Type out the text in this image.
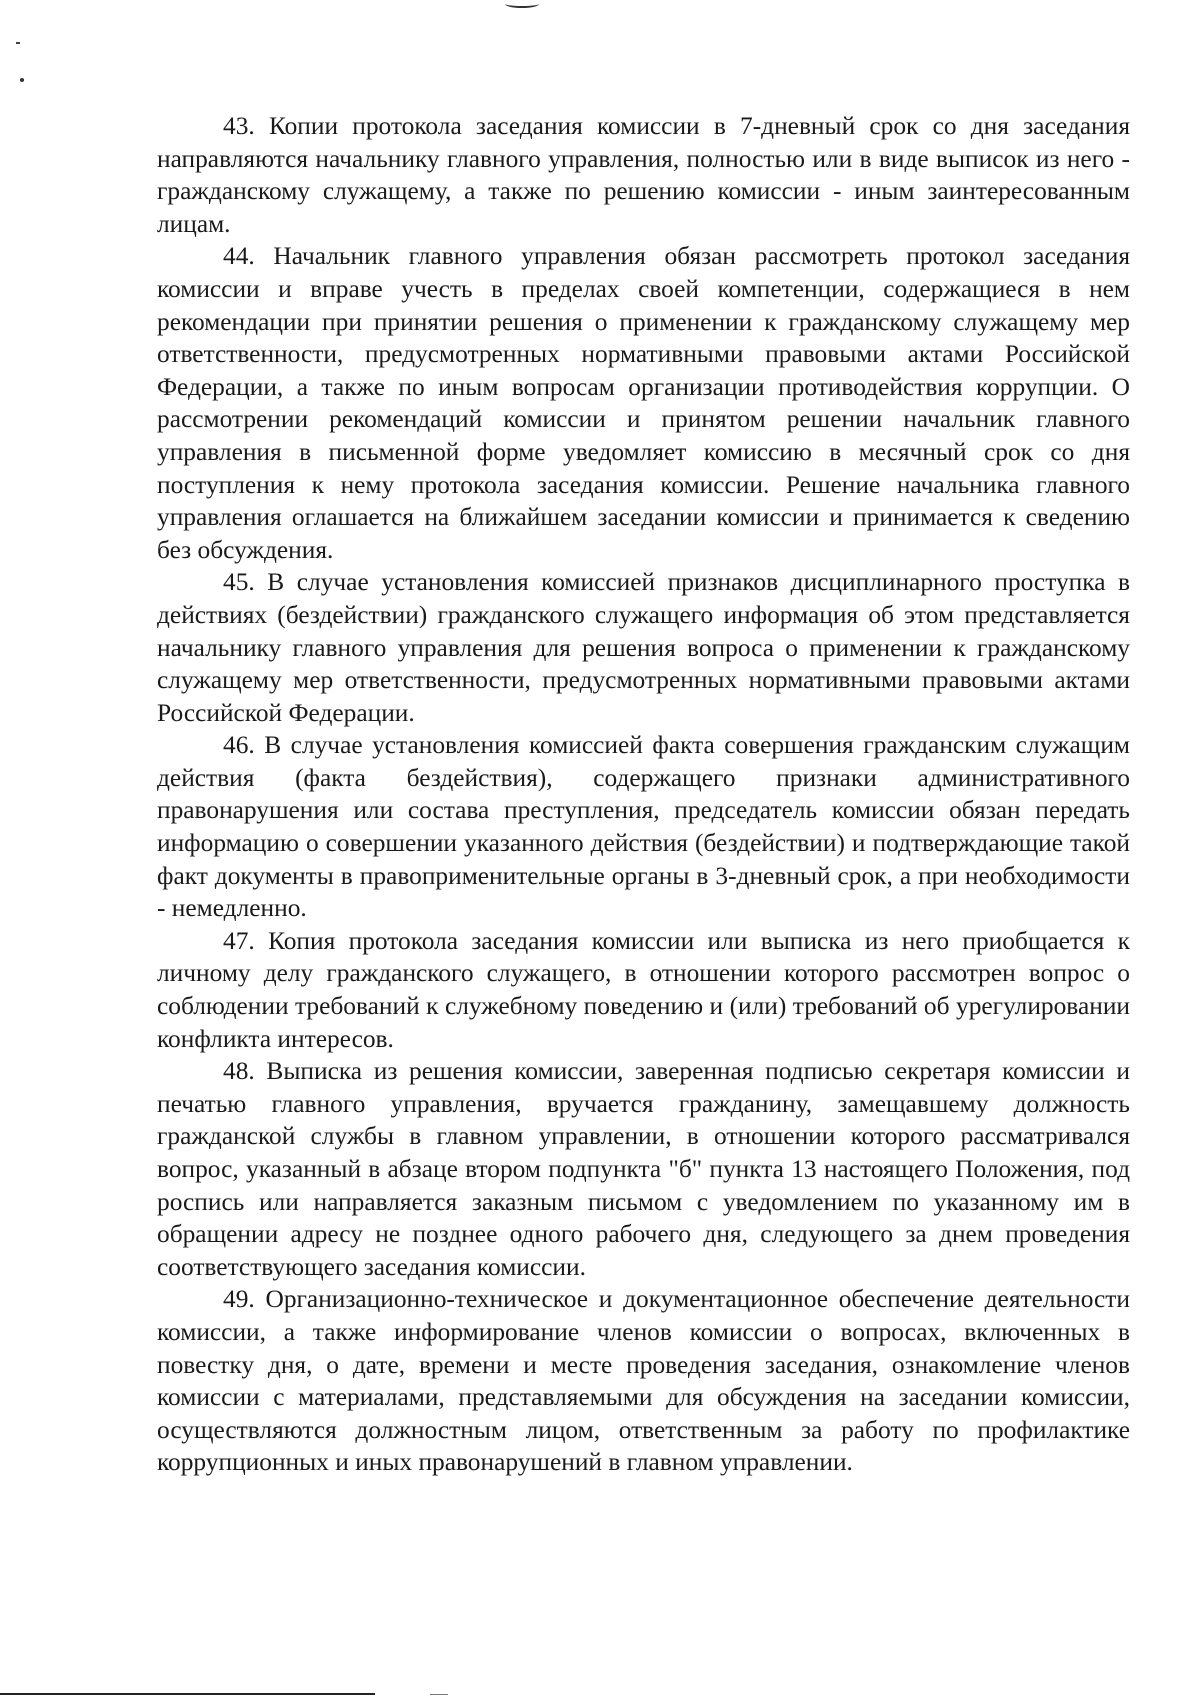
43. Копии протокола заседания комиссии в 7-дневный срок со дня заседания направляются начальнику главного управления, полностью или в виде выписок из него - гражданскому служащему, а также по решению комиссии - иным заинтересованным лицам.

44. Начальник главного управления обязан рассмотреть протокол заседания комиссии и вправе учесть в пределах своей компетенции, содержащиеся в нем рекомендации при принятии решения о применении к гражданскому служащему мер ответственности, предусмотренных нормативными правовыми актами Российской Федерации, а также по иным вопросам организации противодействия коррупции. О рассмотрении рекомендаций комиссии и принятом решении начальник главного управления в письменной форме уведомляет комиссию в месячный срок со дня поступления к нему протокола заседания комиссии. Решение начальника главного управления оглашается на ближайшем заседании комиссии и принимается к сведению без обсуждения.

45. В случае установления комиссией признаков дисциплинарного проступка в действиях (бездействии) гражданского служащего информация об этом представляется начальнику главного управления для решения вопроса о применении к гражданскому служащему мер ответственности, предусмотренных нормативными правовыми актами Российской Федерации.

46. В случае установления комиссией факта совершения гражданским служащим действия (факта бездействия), содержащего признаки административного правонарушения или состава преступления, председатель комиссии обязан передать информацию о совершении указанного действия (бездействии) и подтверждающие такой факт документы в правоприменительные органы в 3-дневный срок, а при необходимости - немедленно.

47. Копия протокола заседания комиссии или выписка из него приобщается к личному делу гражданского служащего, в отношении которого рассмотрен вопрос о соблюдении требований к служебному поведению и (или) требований об урегулировании конфликта интересов.

48. Выписка из решения комиссии, заверенная подписью секретаря комиссии и печатью главного управления, вручается гражданину, замещавшему должность гражданской службы в главном управлении, в отношении которого рассматривался вопрос, указанный в абзаце втором подпункта "б" пункта 13 настоящего Положения, под роспись или направляется заказным письмом с уведомлением по указанному им в обращении адресу не позднее одного рабочего дня, следующего за днем проведения соответствующего заседания комиссии.

49. Организационно-техническое и документационное обеспечение деятельности комиссии, а также информирование членов комиссии о вопросах, включенных в повестку дня, о дате, времени и месте проведения заседания, ознакомление членов комиссии с материалами, представляемыми для обсуждения на заседании комиссии, осуществляются должностным лицом, ответственным за работу по профилактике коррупционных и иных правонарушений в главном управлении.
